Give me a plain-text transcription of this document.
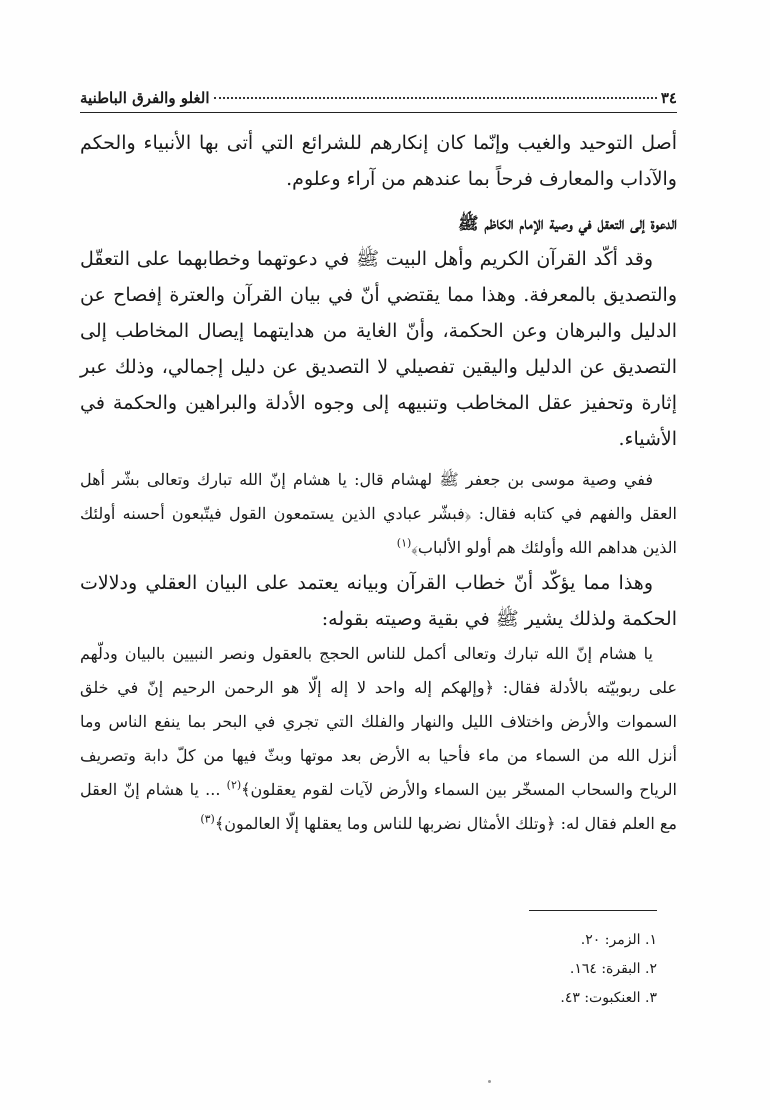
٣٤
الغلو والفرق الباطنية

أصل التوحيد والغيب وإنّما كان إنكارهم للشرائع التي أتى بها الأنبياء والحكم والآداب والمعارف فرحاً بما عندهم من آراء وعلوم.

الدعوة إلى التعقل في وصية الإمام الكاظم ﷺ

وقد أكّد القرآن الكريم وأهل البيت ﷺ في دعوتهما وخطابهما على التعقّل والتصديق بالمعرفة. وهذا مما يقتضي أنّ في بيان القرآن والعترة إفصاح عن الدليل والبرهان وعن الحكمة، وأنّ الغاية من هدايتهما إيصال المخاطب إلى التصديق عن الدليل واليقين تفصيلي لا التصديق عن دليل إجمالي، وذلك عبر إثارة وتحفيز عقل المخاطب وتنبيهه إلى وجوه الأدلة والبراهين والحكمة في الأشياء.

ففي وصية موسى بن جعفر ﷺ لهشام قال: يا هشام إنّ الله تبارك وتعالى بشّر أهل العقل والفهم في كتابه فقال: ﴿فبشّر عبادي الذين يستمعون القول فيتّبعون أحسنه أولئك الذين هداهم الله وأولئك هم أولو الألباب﴾$^{(١)}$

وهذا مما يؤكّد أنّ خطاب القرآن وبيانه يعتمد على البيان العقلي ودلالات الحكمة ولذلك يشير ﷺ في بقية وصيته بقوله:

يا هشام إنّ الله تبارك وتعالى أكمل للناس الحجج بالعقول ونصر النبيين بالبيان ودلّهم على ربوبيّته بالأدلة فقال: ﴿وإلهكم إله واحد لا إله إلّا هو الرحمن الرحيم إنّ في خلق السموات والأرض واختلاف الليل والنهار والفلك التي تجري في البحر بما ينفع الناس وما أنزل الله من السماء من ماء فأحيا به الأرض بعد موتها وبثّ فيها من كلّ دابة وتصريف الرياح والسحاب المسخّر بين السماء والأرض لآيات لقوم يعقلون﴾$^{(٢)}$ ... يا هشام إنّ العقل مع العلم فقال له: ﴿وتلك الأمثال نضربها للناس وما يعقلها إلّا العالمون﴾$^{(٣)}$

١. الزمر: ٢٠.
٢. البقرة: ١٦٤.
٣. العنكبوت: ٤٣.
